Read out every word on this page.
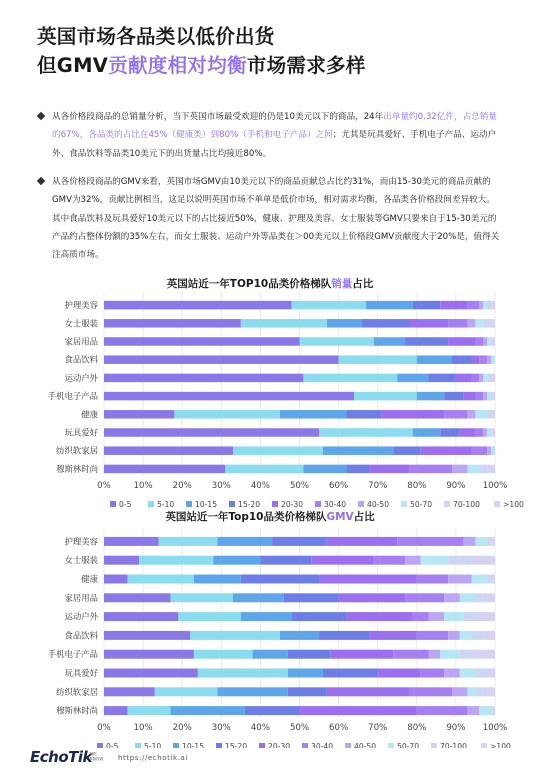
英国市场各品类以低价出货
但GMV贡献度相对均衡市场需求多样
从各价格段商品的总销量分析，当下英国市场最受欢迎的仍是10美元以下的商品，24年出单量约0.32亿件，占总销量的67%，各品类的占比在45%（健康类）到80%（手机和电子产品）之间；尤其是玩具爱好、手机电子产品、运动户外、食品饮料等品类10美元下的出货量占比均接近80%。
从各价格段商品的GMV来看，英国市场GMV由10美元以下的商品贡献总占比约31%，而由15-30美元的商品贡献的GMV为32%，贡献比例相当，这足以说明英国市场不单单是低价市场，相对需求均衡，各品类各价格段间差异较大。其中食品饮料及玩具爱好10美元以下的占比接近50%，健康、护理及美容、女士服装等GMV只要来自于15-30美元的产品约占整体份额的35%左右，而女士服装、运动户外等品类在＞00美元以上价格段GMV贡献度大于20%是，值得关注高质市场。
英国站近一年TOP10品类价格梯队销量占比
0%	10% 20% 30% 40% 50% 60% 70% 80% 90% 100%
护理美容
女士服装
家居用品
食品饮料
运动户外
手机电子产品
健康
玩具爱好
纺织软家居
穆斯林时尚
0-5	5-10	10-15	15-20	20-30	30-40	40-50	50-70	70-100	>100
英国站近一年Top10品类价格梯队GMV占比
0%	10% 20% 30% 40% 50% 60% 70% 80% 90% 100%
护理美容
女士服装
健康
家居用品
运动户外
食品饮料
手机电子产品
玩具爱好
纺织软家居
穆斯林时尚
0-5	5-10	10-15	15-20	20-30	30-40	40-50	50-70	70-100	>100
EchoTik
WE KNOW https://echotik.ai
